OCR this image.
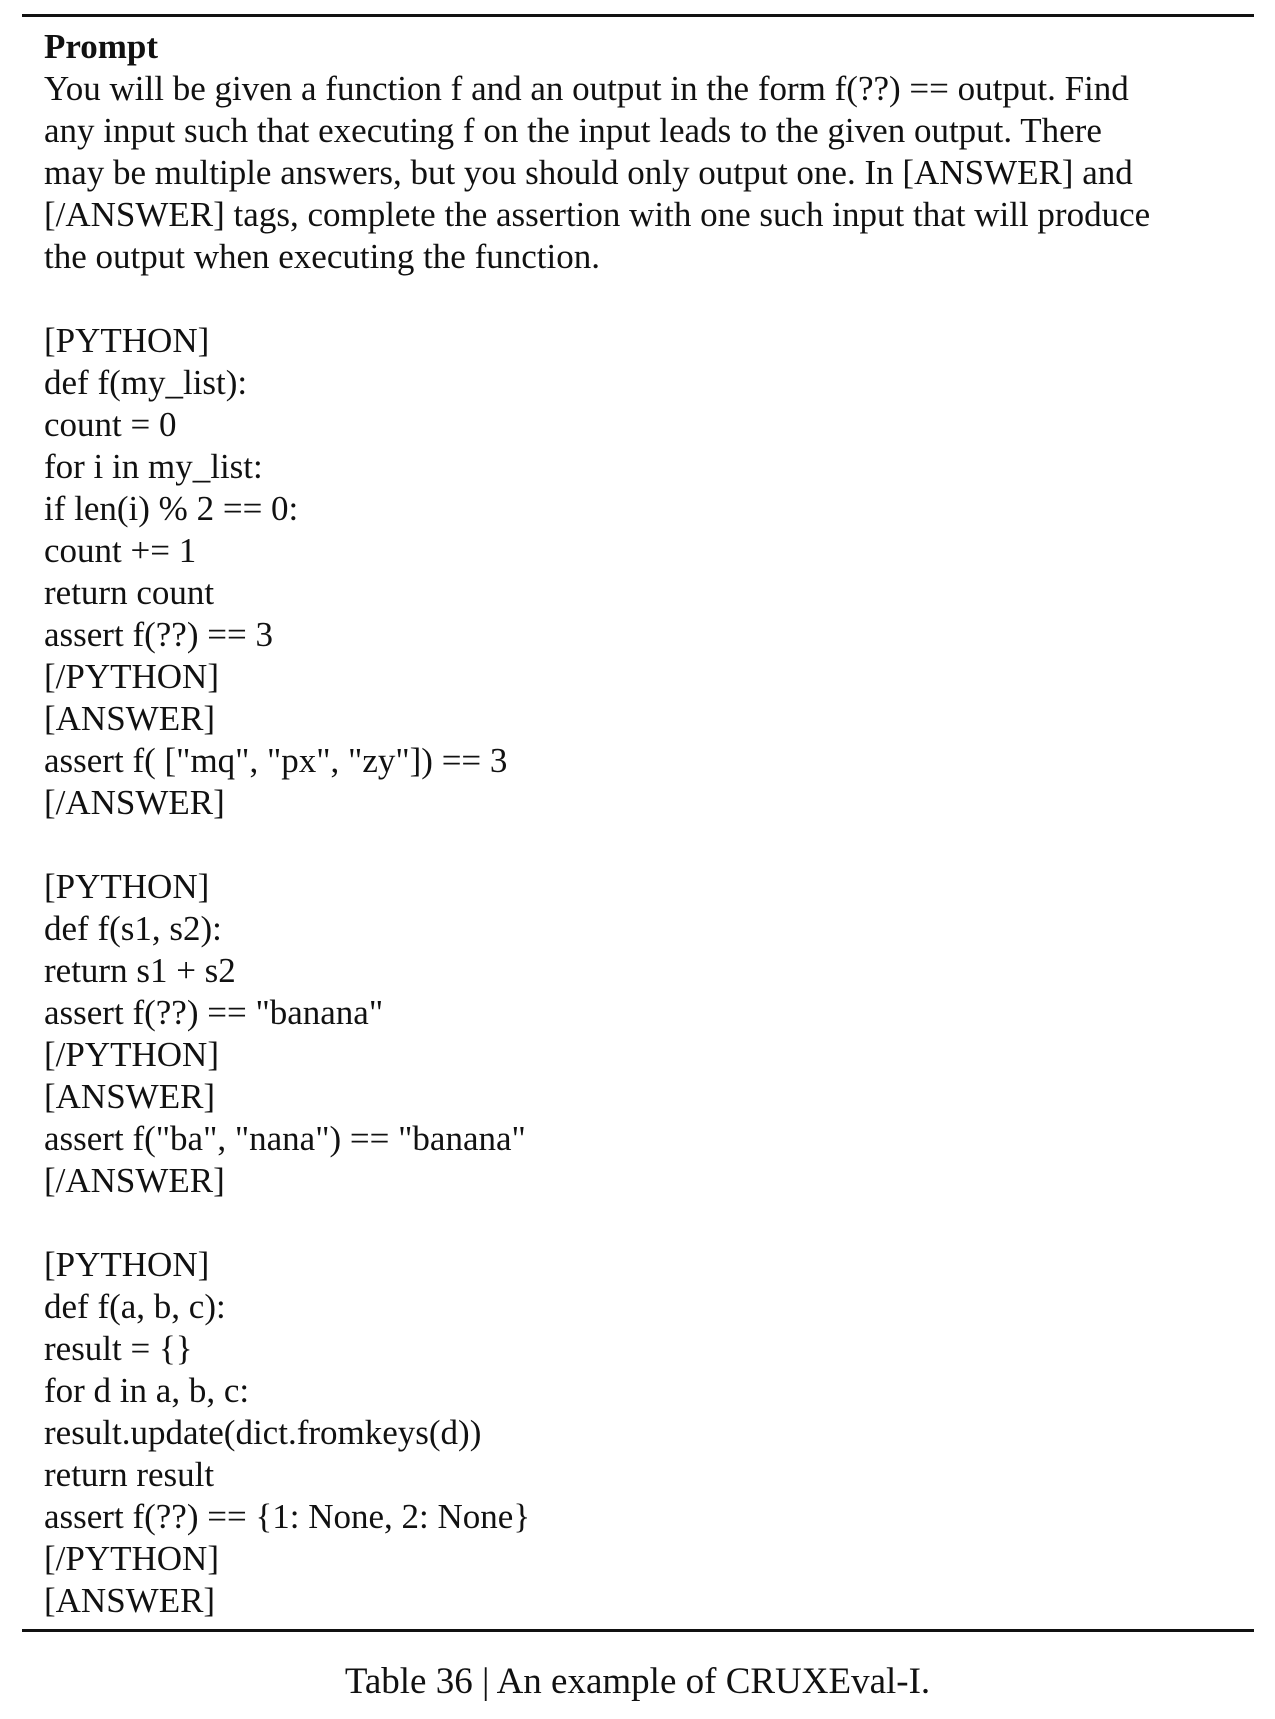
Prompt

You will be given a function f and an output in the form f(??) == output. Find

any input such that executing f on the input leads to the given output. There

may be multiple answers, but you should only output one. In [ANSWER] and

[/ANSWER] tags, complete the assertion with one such input that will produce

the output when executing the function.

[PYTHON]

def f(my_list):

count = 0

for i in my_list:

if len(i) % 2 == 0:

count += 1

return count

assert f(??) == 3

[/PYTHON]

[ANSWER]

assert f( ["mq", "px", "zy"]) == 3

[/ANSWER]

[PYTHON]

def f(s1, s2):

return s1 + s2

assert f(??) == "banana"

[/PYTHON]

[ANSWER]

assert f("ba", "nana") == "banana"

[/ANSWER]

[PYTHON]

def f(a, b, c):

result = {}

for d in a, b, c:

result.update(dict.fromkeys(d))

return result

assert f(??) == {1: None, 2: None}

[/PYTHON]

[ANSWER]

Table 36 | An example of CRUXEval-I.
